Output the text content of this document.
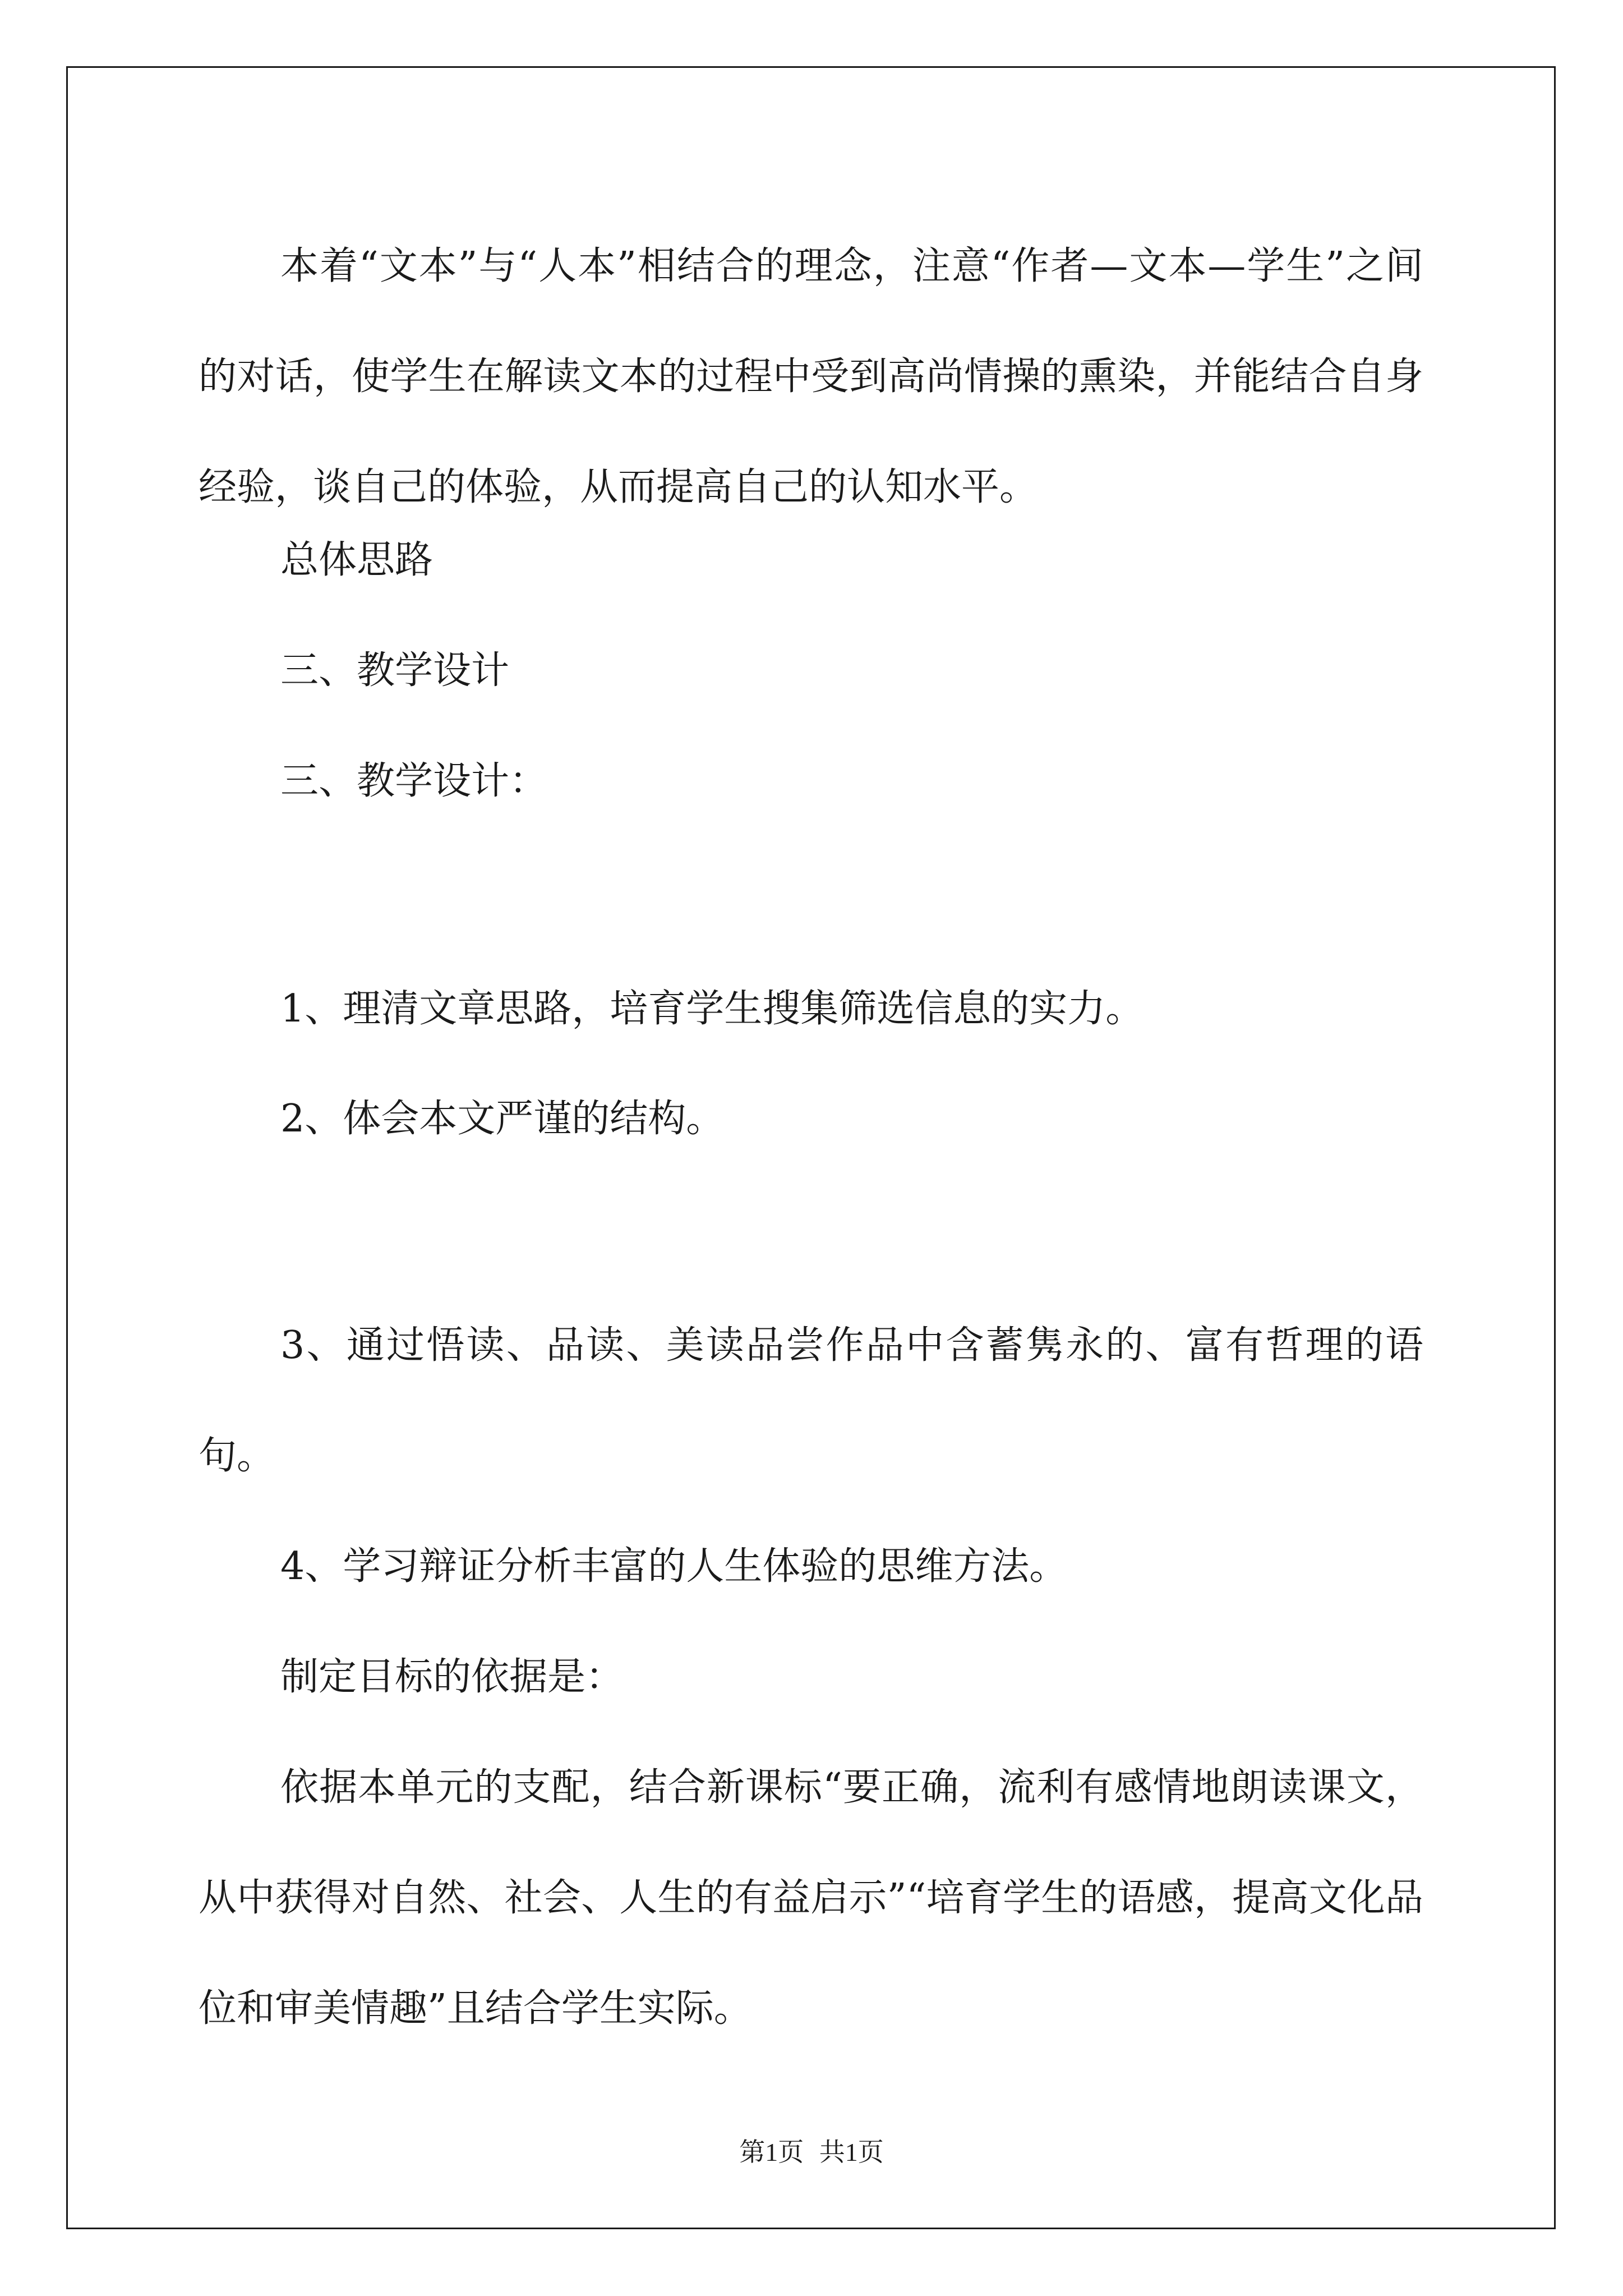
本着“文本”与“人本”相结合的理念，注意“作者—文本—学生”之间的对话，使学生在解读文本的过程中受到高尚情操的熏染，并能结合自身经验，谈自己的体验，从而提高自己的认知水平。

总体思路

三、教学设计

三、教学设计：

1、理清文章思路，培育学生搜集筛选信息的实力。

2、体会本文严谨的结构。

3、通过悟读、品读、美读品尝作品中含蓄隽永的、富有哲理的语句。

4、学习辩证分析丰富的人生体验的思维方法。

制定目标的依据是：

依据本单元的支配，结合新课标“要正确，流利有感情地朗读课文，从中获得对自然、社会、人生的有益启示”“培育学生的语感，提高文化品位和审美情趣”且结合学生实际。

第1页 共1页
